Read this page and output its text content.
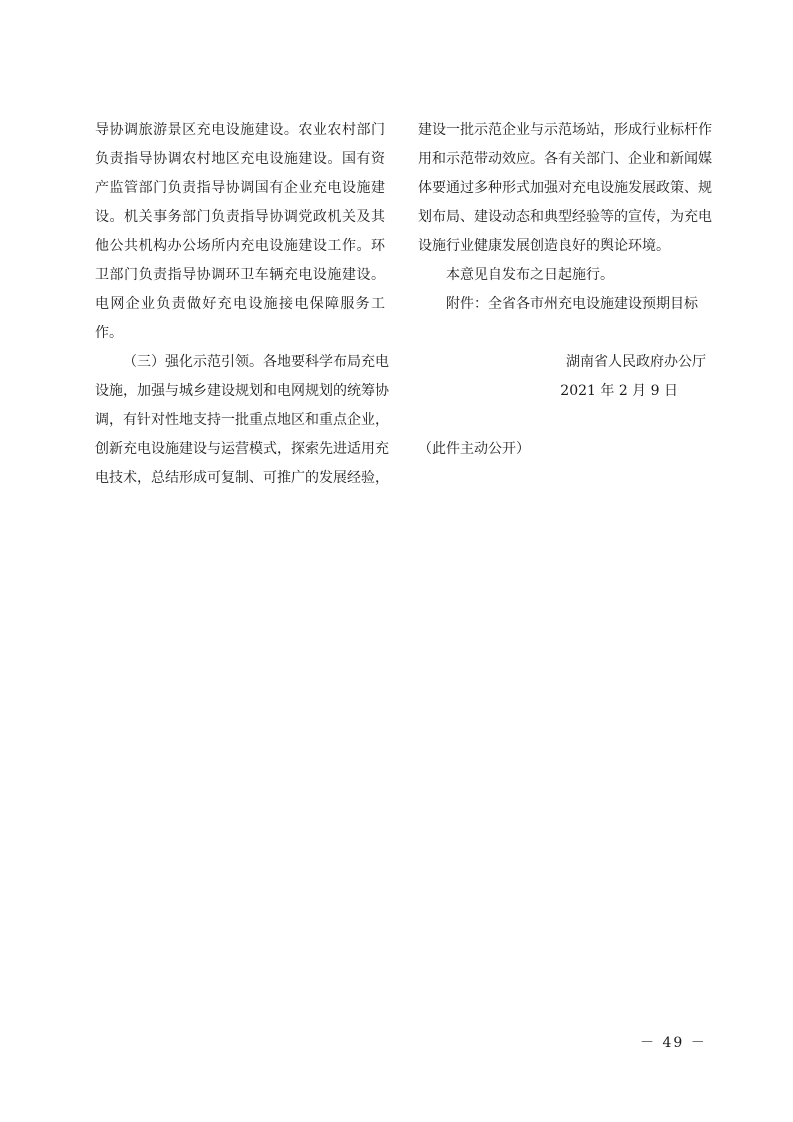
导协调旅游景区充电设施建设。农业农村部门
负责指导协调农村地区充电设施建设。国有资
产监管部门负责指导协调国有企业充电设施建
设。机关事务部门负责指导协调党政机关及其
他公共机构办公场所内充电设施建设工作。环
卫部门负责指导协调环卫车辆充电设施建设。
电网企业负责做好充电设施接电保障服务工
作。
（三）强化示范引领。各地要科学布局充电
设施，加强与城乡建设规划和电网规划的统筹协
调，有针对性地支持一批重点地区和重点企业，
创新充电设施建设与运营模式，探索先进适用充
电技术，总结形成可复制、可推广的发展经验，
建设一批示范企业与示范场站，形成行业标杆作
用和示范带动效应。各有关部门、企业和新闻媒
体要通过多种形式加强对充电设施发展政策、规
划布局、建设动态和典型经验等的宣传，为充电
设施行业健康发展创造良好的舆论环境。
本意见自发布之日起施行。
附件：全省各市州充电设施建设预期目标
湖南省人民政府办公厅
2021 年 2 月 9 日
（此件主动公开）
－ 49 －
